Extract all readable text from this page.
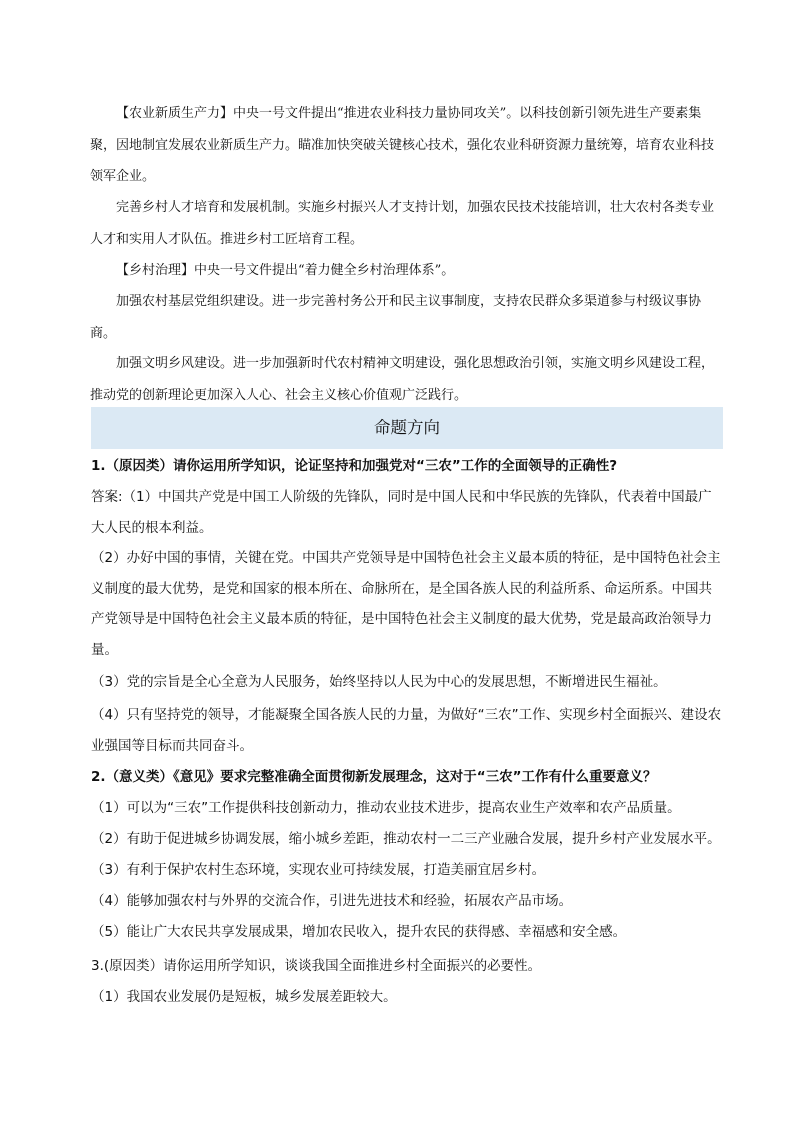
【农业新质生产力】中央一号文件提出“推进农业科技力量协同攻关”。以科技创新引领先进生产要素集聚，因地制宜发展农业新质生产力。瞄准加快突破关键核心技术，强化农业科研资源力量统筹，培育农业科技领军企业。

完善乡村人才培育和发展机制。实施乡村振兴人才支持计划，加强农民技术技能培训，壮大农村各类专业人才和实用人才队伍。推进乡村工匠培育工程。

【乡村治理】中央一号文件提出“着力健全乡村治理体系”。

加强农村基层党组织建设。进一步完善村务公开和民主议事制度，支持农民群众多渠道参与村级议事协商。

加强文明乡风建设。进一步加强新时代农村精神文明建设，强化思想政治引领，实施文明乡风建设工程，推动党的创新理论更加深入人心、社会主义核心价值观广泛践行。

命题方向

1.（原因类）请你运用所学知识，论证坚持和加强党对“三农”工作的全面领导的正确性?

答案:（1）中国共产党是中国工人阶级的先锋队，同时是中国人民和中华民族的先锋队，代表着中国最广大人民的根本利益。

（2）办好中国的事情，关键在党。中国共产党领导是中国特色社会主义最本质的特征，是中国特色社会主义制度的最大优势，是党和国家的根本所在、命脉所在，是全国各族人民的利益所系、命运所系。中国共产党领导是中国特色社会主义最本质的特征，是中国特色社会主义制度的最大优势，党是最高政治领导力量。

（3）党的宗旨是全心全意为人民服务，始终坚持以人民为中心的发展思想，不断增进民生福祉。

（4）只有坚持党的领导，才能凝聚全国各族人民的力量，为做好“三农”工作、实现乡村全面振兴、建设农业强国等目标而共同奋斗。

2.（意义类）《意见》要求完整准确全面贯彻新发展理念，这对于“三农”工作有什么重要意义？

（1）可以为“三农”工作提供科技创新动力，推动农业技术进步，提高农业生产效率和农产品质量。

（2）有助于促进城乡协调发展，缩小城乡差距，推动农村一二三产业融合发展，提升乡村产业发展水平。

（3）有利于保护农村生态环境，实现农业可持续发展，打造美丽宜居乡村。

（4）能够加强农村与外界的交流合作，引进先进技术和经验，拓展农产品市场。

（5）能让广大农民共享发展成果，增加农民收入，提升农民的获得感、幸福感和安全感。

3.(原因类）请你运用所学知识，谈谈我国全面推进乡村全面振兴的必要性。

（1）我国农业发展仍是短板，城乡发展差距较大。
